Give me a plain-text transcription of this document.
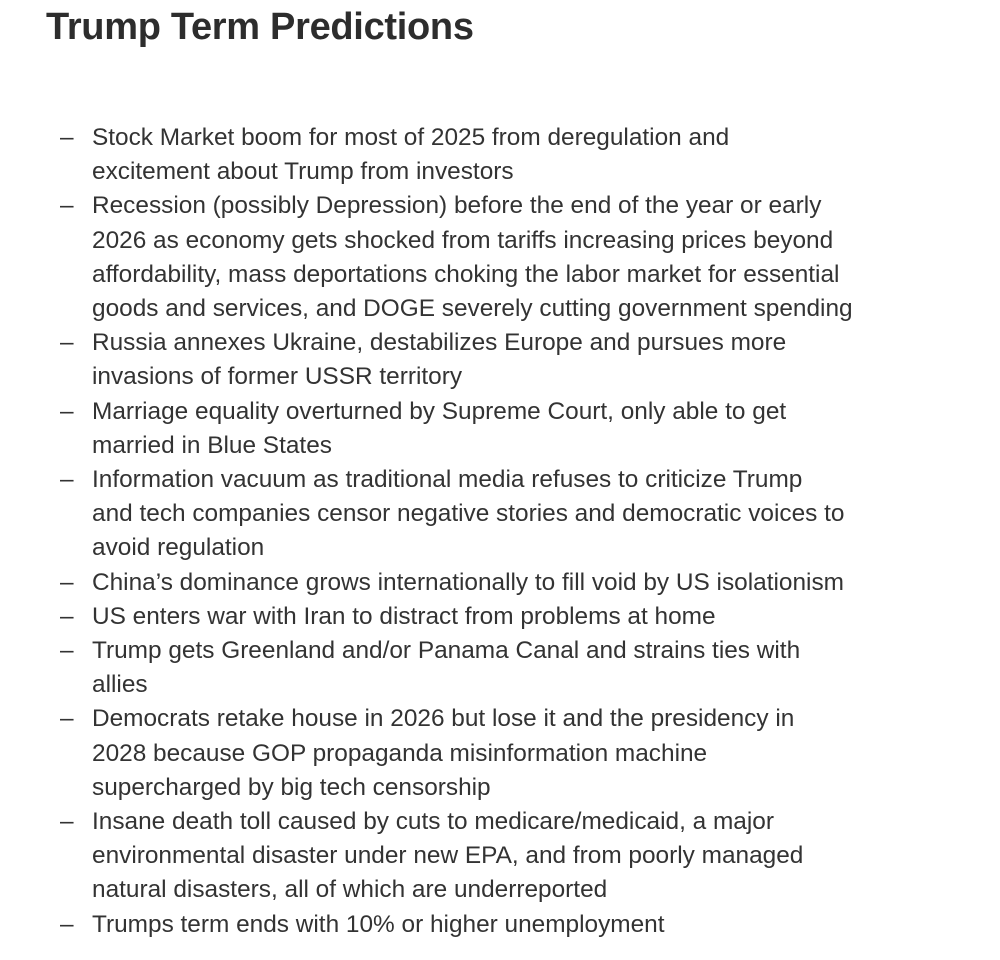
Trump Term Predictions
– Stock Market boom for most of 2025 from deregulation and
excitement about Trump from investors
– Recession (possibly Depression) before the end of the year or early
2026 as economy gets shocked from tariffs increasing prices beyond
affordability, mass deportations choking the labor market for essential
goods and services, and DOGE severely cutting government spending
– Russia annexes Ukraine, destabilizes Europe and pursues more
invasions of former USSR territory
– Marriage equality overturned by Supreme Court, only able to get
married in Blue States
– Information vacuum as traditional media refuses to criticize Trump
and tech companies censor negative stories and democratic voices to
avoid regulation
– China’s dominance grows internationally to fill void by US isolationism
– US enters war with Iran to distract from problems at home
– Trump gets Greenland and/or Panama Canal and strains ties with
allies
– Democrats retake house in 2026 but lose it and the presidency in
2028 because GOP propaganda misinformation machine
supercharged by big tech censorship
– Insane death toll caused by cuts to medicare/medicaid, a major
environmental disaster under new EPA, and from poorly managed
natural disasters, all of which are underreported
– Trumps term ends with 10% or higher unemployment
